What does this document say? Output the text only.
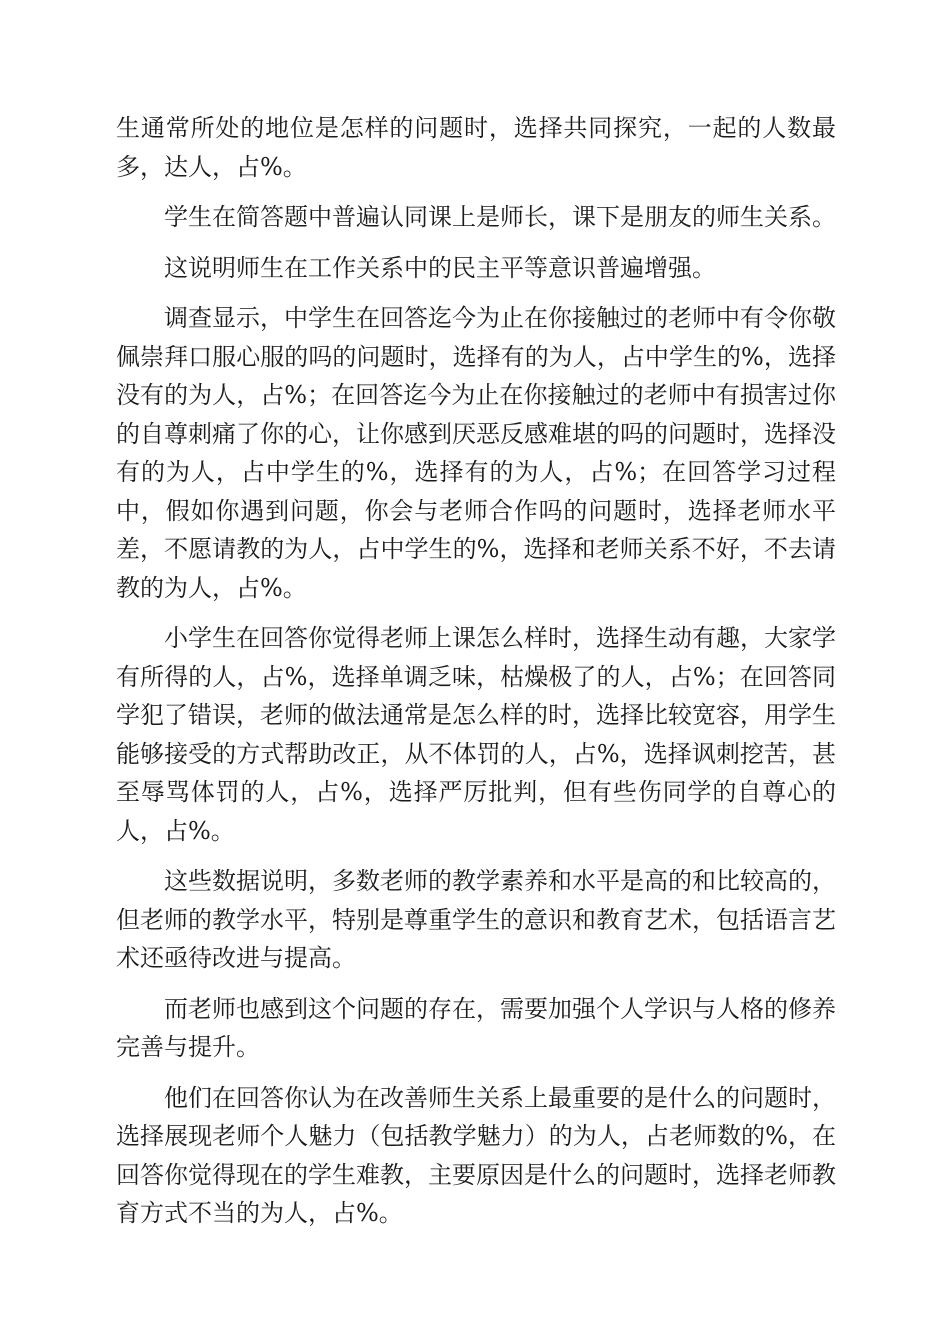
生通常所处的地位是怎样的问题时，选择共同探究，一起的人数最多，达人，占%。

学生在简答题中普遍认同课上是师长，课下是朋友的师生关系。

这说明师生在工作关系中的民主平等意识普遍增强。

调查显示，中学生在回答迄今为止在你接触过的老师中有令你敬佩崇拜口服心服的吗的问题时，选择有的为人，占中学生的%，选择没有的为人，占%；在回答迄今为止在你接触过的老师中有损害过你的自尊刺痛了你的心，让你感到厌恶反感难堪的吗的问题时，选择没有的为人，占中学生的%，选择有的为人，占%；在回答学习过程中，假如你遇到问题，你会与老师合作吗的问题时，选择老师水平差，不愿请教的为人，占中学生的%，选择和老师关系不好，不去请教的为人，占%。

小学生在回答你觉得老师上课怎么样时，选择生动有趣，大家学有所得的人，占%，选择单调乏味，枯燥极了的人，占%；在回答同学犯了错误，老师的做法通常是怎么样的时，选择比较宽容，用学生能够接受的方式帮助改正，从不体罚的人，占%，选择讽刺挖苦，甚至辱骂体罚的人，占%，选择严厉批判，但有些伤同学的自尊心的人，占%。

这些数据说明，多数老师的教学素养和水平是高的和比较高的，但老师的教学水平，特别是尊重学生的意识和教育艺术，包括语言艺术还亟待改进与提高。

而老师也感到这个问题的存在，需要加强个人学识与人格的修养完善与提升。

他们在回答你认为在改善师生关系上最重要的是什么的问题时，选择展现老师个人魅力（包括教学魅力）的为人，占老师数的%，在回答你觉得现在的学生难教，主要原因是什么的问题时，选择老师教育方式不当的为人，占%。
